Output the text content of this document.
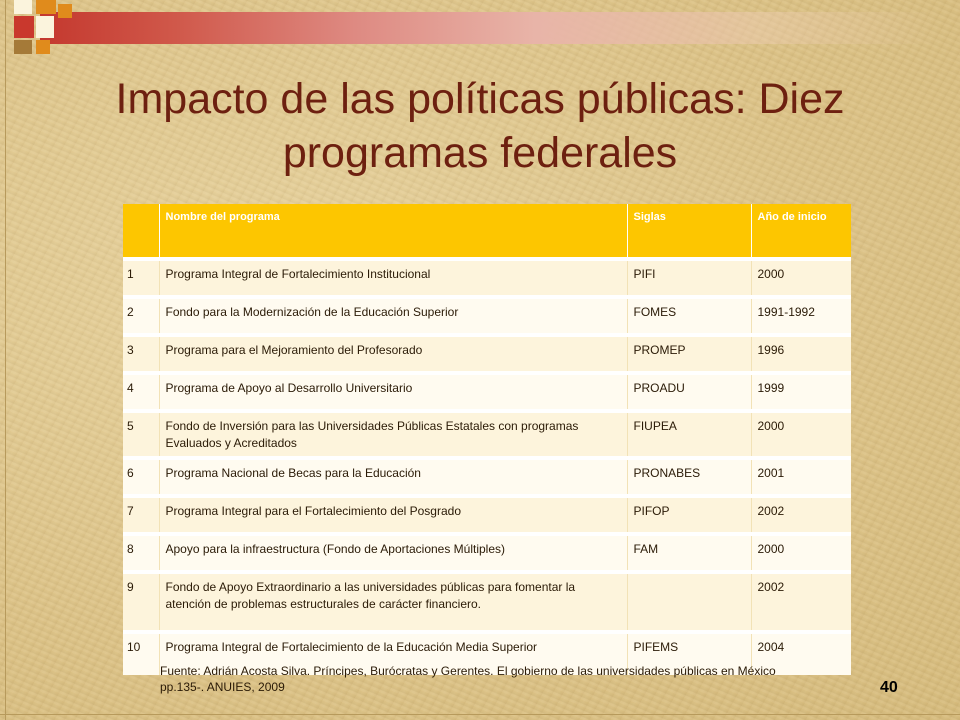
Impacto de las políticas públicas: Diez programas federales
	Nombre del programa	Siglas	Año de inicio
1	Programa Integral de Fortalecimiento Institucional	PIFI	2000
2	Fondo para la Modernización de la Educación Superior	FOMES	1991-1992
3	Programa para el Mejoramiento del Profesorado	PROMEP	1996
4	Programa de Apoyo al Desarrollo Universitario	PROADU	1999
5	Fondo de Inversión para las Universidades Públicas Estatales con programas Evaluados y Acreditados	FIUPEA	2000
6	Programa Nacional de Becas para la Educación	PRONABES	2001
7	Programa Integral para el Fortalecimiento del Posgrado	PIFOP	2002
8	Apoyo para la infraestructura (Fondo de Aportaciones Múltiples)	FAM	2000
9	Fondo de Apoyo Extraordinario a las universidades públicas para fomentar la atención de problemas estructurales de carácter financiero.		2002
10	Programa Integral de Fortalecimiento de la Educación Media Superior	PIFEMS	2004

Fuente: Adrián Acosta Silva. Príncipes, Burócratas y Gerentes. El gobierno de las universidades públicas en México pp.135-. ANUIES, 2009	40
